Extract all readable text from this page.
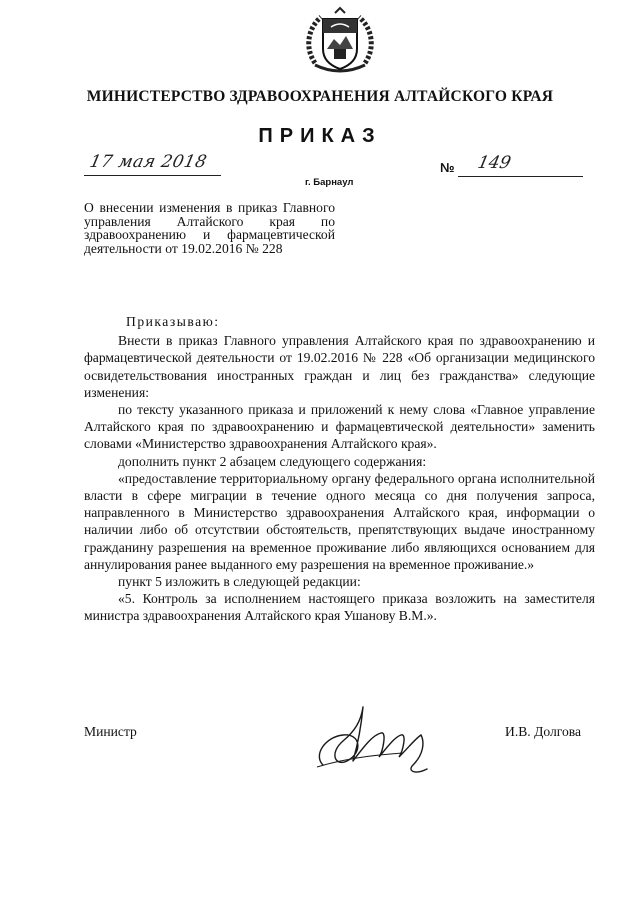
МИНИСТЕРСТВО ЗДРАВООХРАНЕНИЯ АЛТАЙСКОГО КРАЯ
ПРИКАЗ
17 мая 2018
г. Барнаул
№ 149
О внесении изменения в приказ Главного управления Алтайского края по здравоохранению и фармацевтической деятельности от 19.02.2016 № 228

Приказываю:

Внести в приказ Главного управления Алтайского края по здравоохранению и фармацевтической деятельности от 19.02.2016 № 228 «Об организации медицинского освидетельствования иностранных граждан и лиц без гражданства» следующие изменения:

по тексту указанного приказа и приложений к нему слова «Главное управление Алтайского края по здравоохранению и фармацевтической деятельности» заменить словами «Министерство здравоохранения Алтайского края».

дополнить пункт 2 абзацем следующего содержания:

«предоставление территориальному органу федерального органа исполнительной власти в сфере миграции в течение одного месяца со дня получения запроса, направленного в Министерство здравоохранения Алтайского края, информации о наличии либо об отсутствии обстоятельств, препятствующих выдаче иностранному гражданину разрешения на временное проживание либо являющихся основанием для аннулирования ранее выданного ему разрешения на временное проживание.»

пункт 5 изложить в следующей редакции:

«5. Контроль за исполнением настоящего приказа возложить на заместителя министра здравоохранения Алтайского края Ушанову В.М.».

Министр	И.В. Долгова
